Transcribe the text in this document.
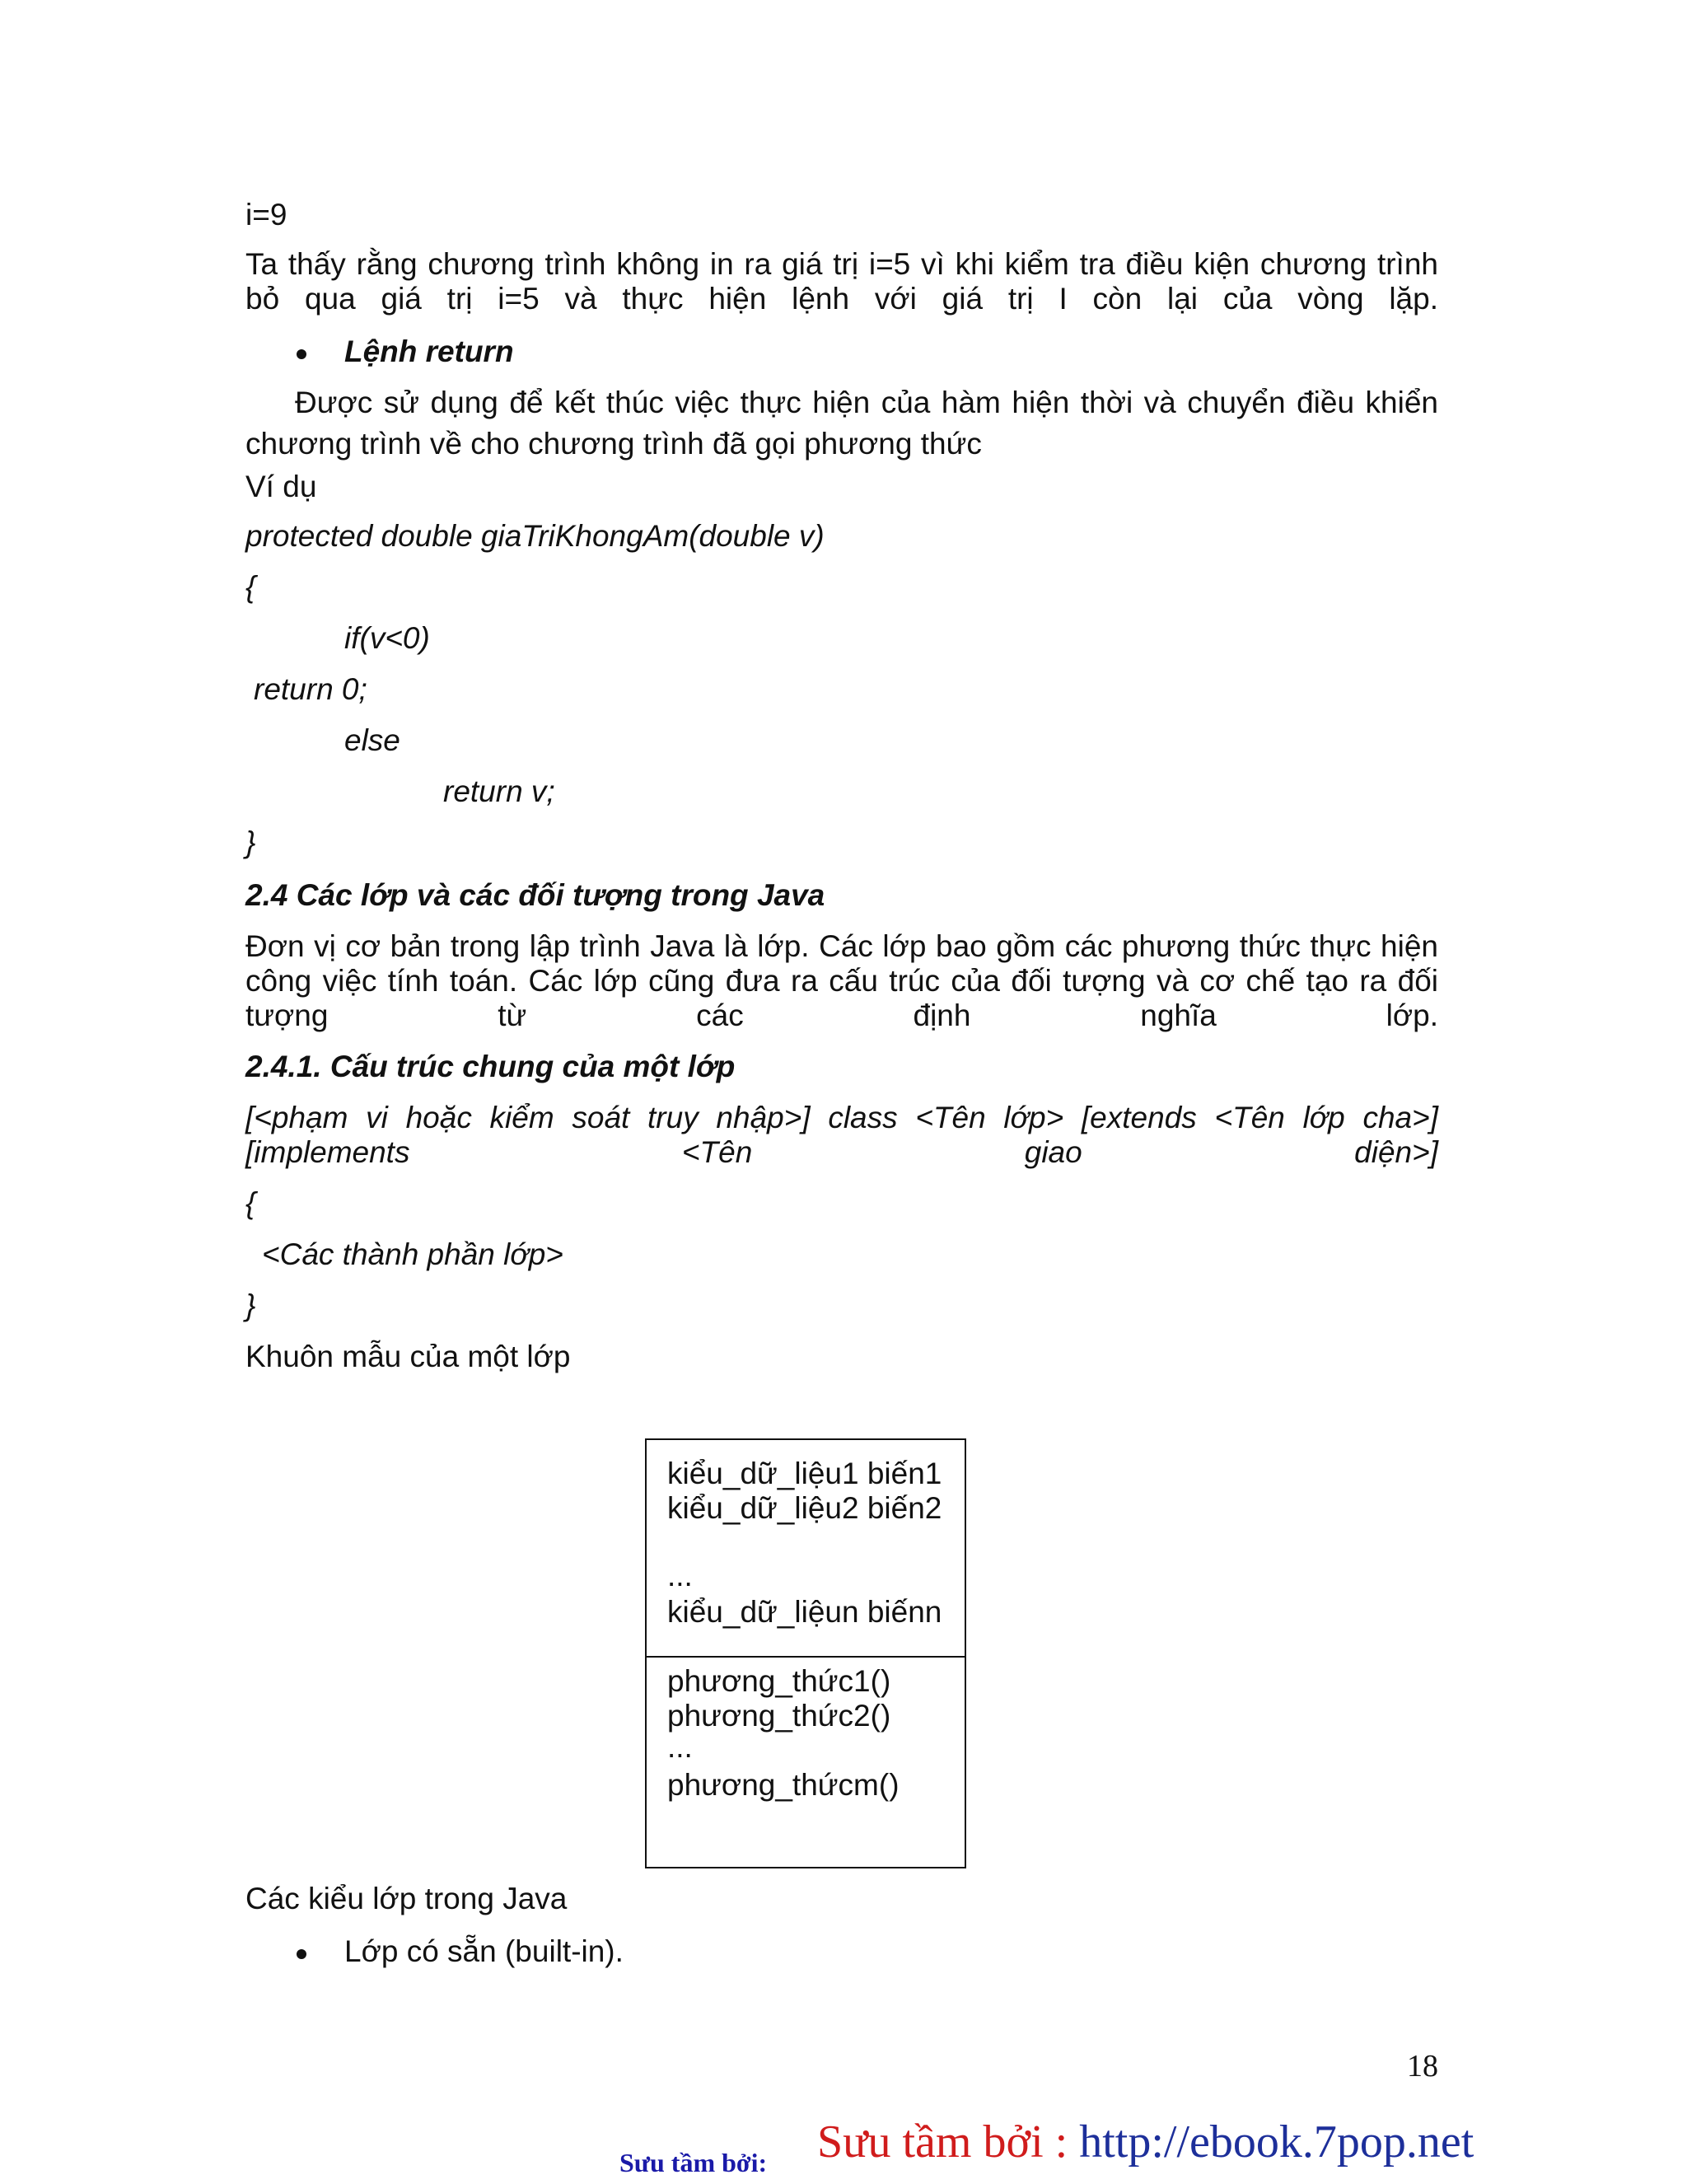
i=9
Ta thấy rằng chương trình không in ra giá trị i=5 vì khi kiểm tra điều kiện chương trình bỏ qua giá trị i=5 và thực hiện lệnh với giá trị I còn lại của vòng lặp.
Lệnh return
Được sử dụng để kết thúc việc thực hiện của hàm hiện thời và chuyển điều khiển
chương trình về cho chương trình đã gọi phương thức
Ví dụ
protected double giaTriKhongAm(double v)
{
if(v<0)
return 0;
else
return v;
}
2.4 Các lớp và các đối tượng trong Java
Đơn vị cơ bản trong lập trình Java là lớp. Các lớp bao gồm các phương thức thực hiện công việc tính toán. Các lớp cũng đưa ra cấu trúc của đối tượng và cơ chế tạo ra đối tượng từ các định nghĩa lớp.
2.4.1. Cấu trúc chung của một lớp
[<phạm vi hoặc kiểm soát truy nhập>] class <Tên lớp> [extends <Tên lớp cha>] [implements <Tên giao diện>]
{
<Các thành phần lớp>
}
Khuôn mẫu của một lớp
kiểu_dữ_liệu1 biến1
kiểu_dữ_liệu2 biến2
...
kiểu_dữ_liệun biếnn
phương_thức1()
phương_thức2()
...
phương_thứcm()
Các kiểu lớp trong Java
Lớp có sẵn (built-in).
18
Sưu tầm bởi: Sưu tầm bởi : http://ebook.7pop.net
